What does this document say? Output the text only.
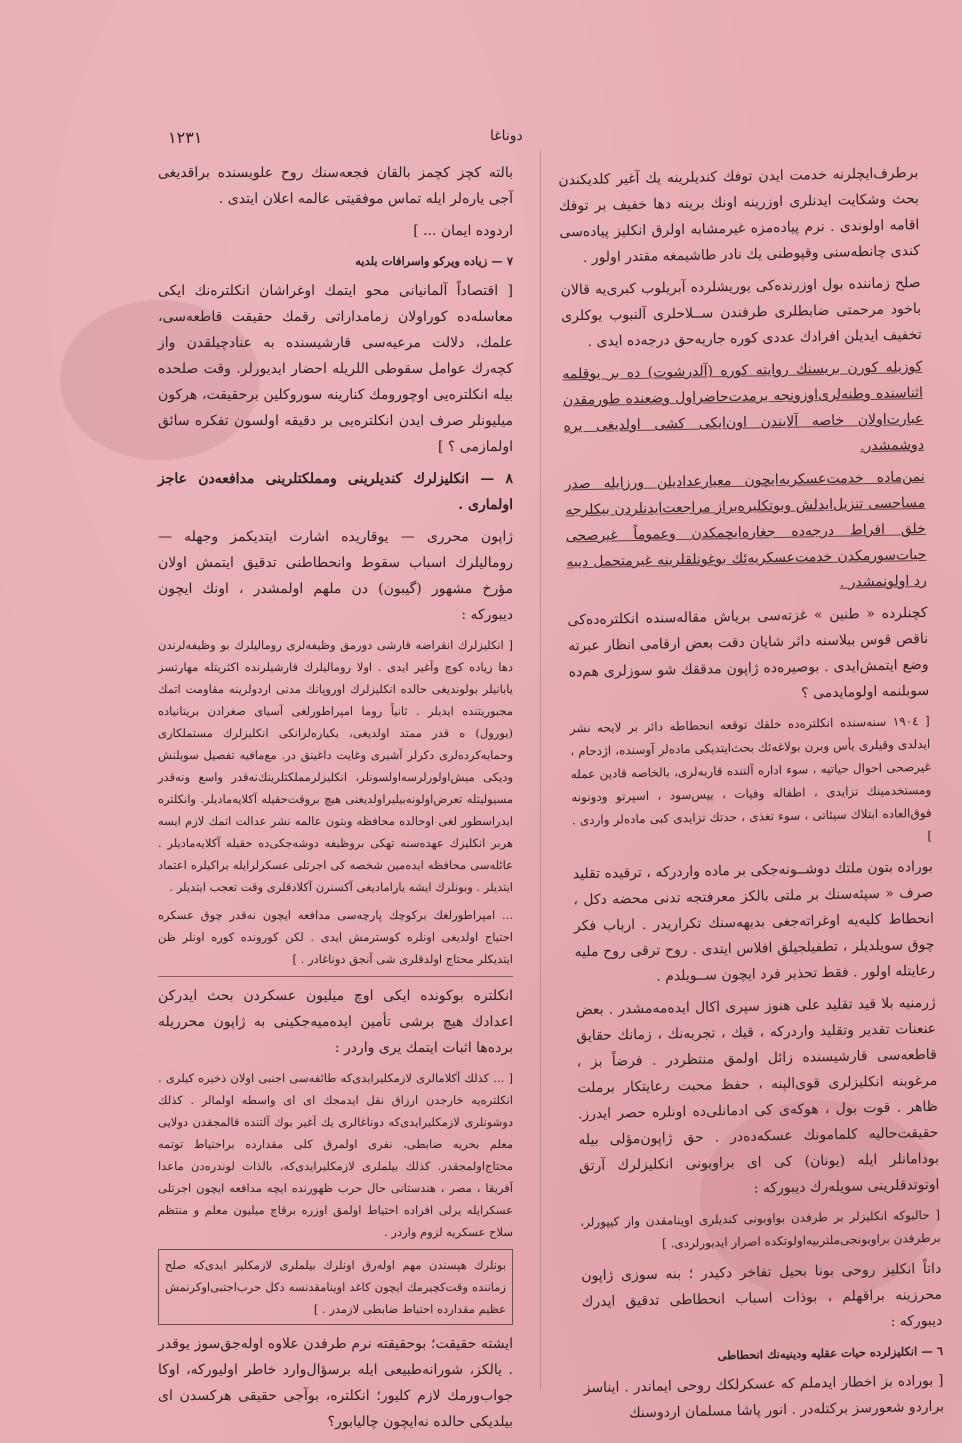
١٢٣١	دوناغا

برطرف‌ایچلرنه خدمت ایدن توفك کندیلرینه یك آغیر کلدیکندن بحث وشکایت ایدنلری اوزرینه اونك برینه دها خفیف بر توفك اقامه اولوندی . نرم پیاده‌مزه غیرمشابه اولرق انكلیز پیاده‌سی کندی چانطه‌سنی وقپوطنی یك نادر طاشیمغه مقتدر اولور .

صلح زماننده بول اوزرنده‌کی یوریشلرده آبریلوب کبری‌یه قالان باخود مرحمتی ضابطلری طرفندن ســلاحلری آلنبوب یوکلری تخفیف ایدیلن افرادك عددی کوره جاریه‌حق درجه‌ده ایدی .

کوزیله کورن بریسنك روایته کوره (آلدرشوت) ده بر یوقلمه اثناسنده وطنه‌لری‌اوزونجه برمدت‌حاضراول وضعنده طورمقدن عبارت‌اولان خاصه آلایندن اون‌ایکی کشی اولدیغی یره دوشمشدر.

نمن‌ماده خدمت‌عسکریه‌ایچون معیار‌عدادیلن ورزایله صدر مساحسی تنزیل‌ایدلش وبوتکلیره‌براز مراجعت‌ایدنلردن بیکلرجه خلق افراط درجه‌ده جغاره‌ایچمکدن وعموماً غیرصحی حیات‌سورمکدن خدمت‌عسکریه‌ئك بوغونلقلرینه غیرمتحمل دیبه رد اولونمشدر .

کچنلرده « طنین » غزته‌سی بریاش مقاله‌سنده انكلتره‌ده‌كی ناقص قوس ببلاسنه داثر شایان دقت بعض ارقامی انظار عبرته وضع ایتمش‌ایدی . بوصیره‌ده ژاپون مدققك شو سوزلری هم‌ده سوبلنمه اولومایدمی ؟

[ ١٩٠٤ سنه‌سنده انكلتره‌ده خلقك توقعه انحطاطه دائر بر لایحه نشر ایدلدی وقیلری یأس وبرن بولاغه‌ئك بحث‌ایتدیكی ماده‌لر آوسنده، اژدحام ، غیرصحی احوال حیاتیه ، سوء اداره آلتنده قاربه‌لری، بالخاصه قادین عمله ومستخدمینك تزایدی ، اطفاله وفیات ، یپس‌سود ، اسپرتو ودونونه فوق‌العاده ابتلاك سیئاتی ، سوء تغذی ، حدتك تزایدی کبی ماده‌لر واردی . ]

بوراده بتون ملتك دوشــونه‌جکی بر ماده واردرکه ، ترقیده تقلید صرف « سپئه‌سنك بر ملتی بالکز معرفتجه تدنی محضه دکل ، انحطاط کلیه‌یه اوغراته‌جغی بدیهه‌سنك تکراریدر . ارباب فکر چوق سویلدیلر ، تطفیلجیلق افلاس ایتدی . روح ترقی‌ روح ملیه رعایتله اولور . فقط تحذیر فرد ایچون ســویلدم .

ژرمنیه بلا قید تقلید علی هنوز سپری اکال ایده‌مه‌مشدر . بعض عنعنات تقدیر وتقلید واردرکه ، قیك ، تجربه‌نك ، زمانك حقایق قاطعه‌سی قارشیسنده زائل اولمق منتظردر . فرضاً بز ، مرغوبنه انكلیزلری قوی‌الپنه ، حفظ محبت رعایتکار برملت ظاهر . قوت بول ، هوکه‌ی کی ادمانلی‌ده اونلره حصر ایدرز. حقیقت‌حالیه کلمامونك عسکه‌ده‌در . حق ژاپون‌مؤلی بیله بودامانلر ایله (یونان) کی ای براوبونی انكلیزلرك آرتق اوتوتدقلرینی سویله‌رك دیبورکه :

[ حالبوکه انكلیزلر بر طرفدن بواوبونی کندیلری اوینامقدن واز کیپورلر، برطرفدن براوبونجی‌ملتربیه‌اولوتکده اصرار ایدیورلردی. ]

داتاً انكلیز روحی بونا بحیل تفاخر دکیدر ؛ بنه سوزی ژاپون محرزینه براقهلم ، بوذات اسباب انحطاطی تدقیق ایدرك دیبورکه :

٦ — انكلیزلرده حیات عقلیه ودینیه‌نك انحطاطی

[ بوراده بز اخطار ایدملم که عسکرلكك روحی ایماندر . ایناسز براردو شعورسز برکتله‌در . انور پاشا مسلمان اردوسنك

بالته کچز کچمز بالقان فجعه‌سنك روح علویسنده براقدیغی آجی یاره‌لر ایله تماس موفقیتی عالمه اعلان ایتدی .

اردوده ایمان ... ]

٧ — زیاده ویرکو واسرافات بلدیه

[ اقتصاداً آلمانیانی محو ایتمك اوغراشان انكلتره‌نك ایکی معاسله‌ده کوراولان زمامداراتی رقمك حقیقت قاطعه‌سی، علمك، دلالت مرعیه‌سی قارشیسنده به عناد‌چیلقدن واز کچه‌رك عوامل سقوطی اللریله احضار ایدیورلر. وقت صلحده بیله انكلتره‌یی اوچورومك کنارینه سوروکلین برحقیقت، هرکون میلیونلر صرف ایدن انكلتره‌یی بر دقیقه اولسون تفکره سائق اولمازمی ؟ ]

٨ — انكلیزلرك کندیلرینی ومملکتلرینی مدافعه‌دن عاجز اولماری .

ژاپون محرری — یوقاریده اشارت ایتدیکمز وجهله — رومالیلرك اسباب سقوط وانحطاطنی تدقیق ایتمش اولان مؤرخ مشهور (گیبون) دن ملهم اولمشدر ، اونك ایچون دیبورکه :

[ انكلیزلرك انقراضه قارشی دورمق وظیفه‌لری رومالیلرك بو وظیفه‌لرندن دها زیاده کوچ وآغیر ایدی . اولا رومالیلرك قارشیلرنده اکثریتله مهارتسز یابانیلر بولوندیغی حالده انكلیزلرك اوروپانك مدنی اردولرینه مقاومت اتمك مجبوریتنده ایدیلر . ثانیاً روما امپراطورلغی آسیای صغرادن بریتانیاده (یورول) ه قدر ممتد اولدیغی، بکیاره‌لرانکی انكلیزلرك مستملکاری وحمایه‌کرده‌لری دکرلر آشیری وغایت داغینق در. مع‌مافیه تفصیل سوبلنش ودیکی میش‌اولورلرسه‌اولسونلر، انكلیزلرمملکتلرینك‌نه‌قدر واسع ونه‌قدر مسیولیتله تعرض‌اولونه‌بیلیراولدیغنی هیچ بروقت‌حقیله آکلایه‌مادیلر. وانكلتره ایدراسطور لغی اوحالده محافظه وبتون عالمه نشر عدالت اتمك لازم ایسه هربر انكلیزك عهده‌سنه تهکی بروظیفه دوشه‌جکی‌ده حقیله آکلایه‌مادیلر . عائله‌سی محافظه ایده‌مین شخصه کی اجرتلی عسکرلرایله براکیلره اعتماد ایتدیلر . وبونلرك ایشه یارامادیغی آکسنرن آکلادقلری وقت تعجب ایتدیلر .

... امپراطورلغك برکوچك پارچه‌سی مدافعه ایچون نه‌قدر چوق عسکره احتیاج اولدیغی اونلره کوسترمش ایدی . لکن کورونده کوره اونلر ظن ایتدیکلر محتاج اولدقلری شی آنجق دوناغادر . ]

انكلتره بوکونده ایکی اوچ میلیون عسکردن بحث ایدرکن اعدادك هیچ برشی تأمین ایده‌میه‌جکینی به ژاپون محرریله برده‌ها اثبات ایتمك یری واردر :

[ ... کذلك آکلامالری لازمکلیرایدی‌که طائفه‌سی اجنبی اولان ذخیره کیلری . انكلتره‌یه خارجدن ارزاق نقل ایدمجك ای ای واسطه اولمالر . کذلك دوشونلری لازمکلیرایدی‌که دوناغالری یك آغیر بوك آلتنده قالمجقدن دولایی معلم بحریه ضابطی، نفری اولمرق کلی مقدارده براحتیاط توتمه محتاج‌اولمجقدر. کذلك بیلملری لازمکلیرایدی‌که، بالذات لوندره‌دن ماعدا آفریقا ، مصر ، هندستانی حال حرب ظهورنده ایچه مدافعه ایچون اجرتلی عسکرایله یرلی افراده احتیاط اولمق اوزره برقاچ میلیون معلم و منتظم سلاح عسکریه لزوم واردر .

بونلرك هپسندن مهم اوله‌رق اونلرك بیلملری لازمکلیر ایدی‌که صلح زماننده وقت‌کچیرمك ایچون کاغد اوینامقدنسه دکل حرب‌اجتبی‌اوکرنمش عظیم مقدارده احتیاط ضابطی لازمدر . ]

ایشته حقیقت؛ بوحقیقته نرم طرفدن علاوه اوله‌جق‌سوز یوقدر . یالکز، شورانه‌طبیعی ایله برسؤال‌وارد خاطر اولیورکه، اوکا جواب‌ورمك لازم کلیور؛ انكلتره، بوآجی حقیقی هرکسدن ای بیلدیکی حالده نه‌ایچون چالیابور؟
